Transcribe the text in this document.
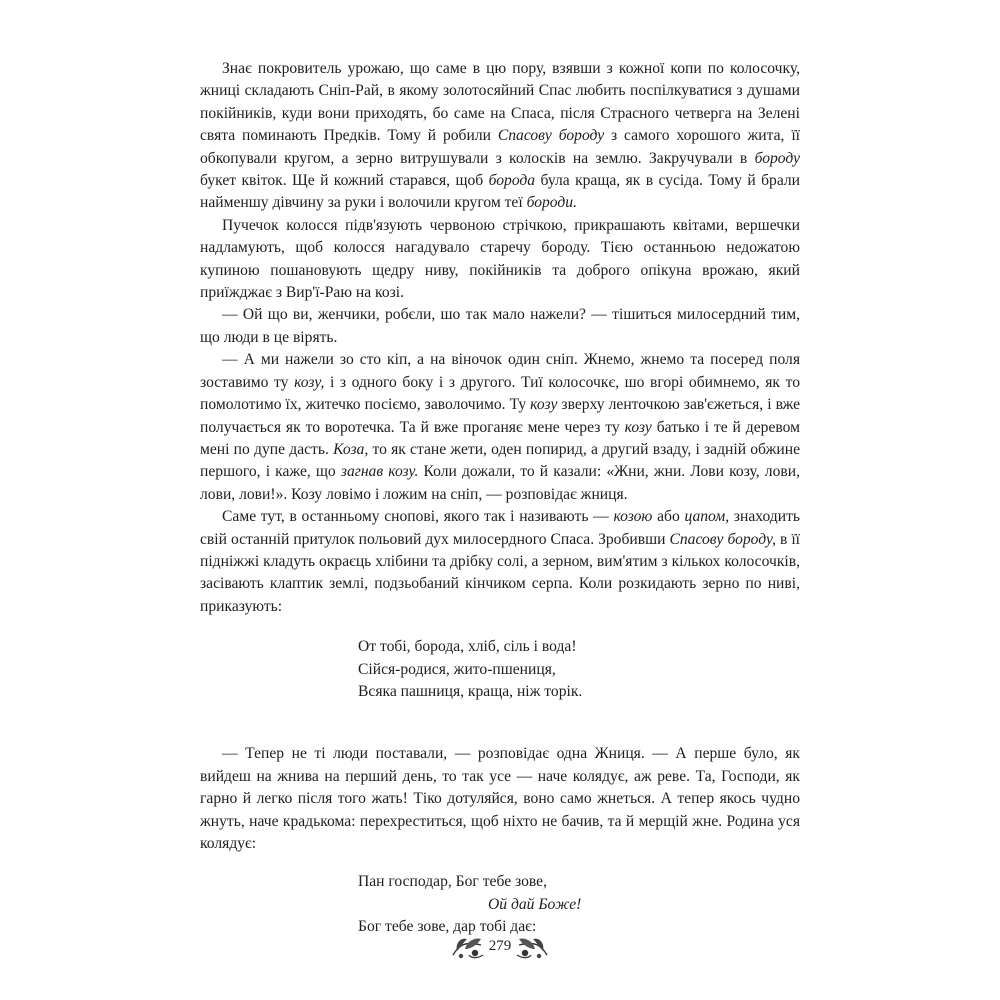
Знає покровитель урожаю, що саме в цю пору, взявши з кожної копи по колосочку, жниці складають Сніп-Рай, в якому золотосяйний Спас любить поспілкуватися з душами покійників, куди вони приходять, бо саме на Спаса, після Страсного четверга на Зелені свята поминають Предків. Тому й робили Спасову бороду з самого хорошого жита, її обкопували кругом, а зерно витрушували з колосків на землю. Закручували в бороду букет квіток. Ще й кожний старався, щоб борода була краща, як в сусіда. Тому й брали найменшу дівчину за руки і волочили кругом теї бороди.

Пучечок колосся підв'язують червоною стрічкою, прикрашають квітами, вершечки надламують, щоб колосся нагадувало старечу бороду. Тією останньою недожатою купиною пошановують щедру ниву, покійників та доброго опікуна врожаю, який приїжджає з Вир'ї-Раю на козі.

— Ой що ви, женчики, робєли, шо так мало нажели? — тішиться милосердний тим, що люди в це вірять.

— А ми нажели зо сто кіп, а на віночок один сніп. Жнемо, жнемо та посеред поля зоставимо ту козу, і з одного боку і з другого. Тиї колосочкє, шо вгорі обимнемо, як то помолотимо їх, житечко посіємо, заволочимо. Ту козу зверху ленточкою зав'єжеться, і вже получається як то воротечка. Та й вже проганяє мене через ту козу батько і те й деревом мені по дупе дасть. Коза, то як стане жети, оден попирид, а другий взаду, і задній обжине першого, і каже, що загнав козу. Коли дожали, то й казали: «Жни, жни. Лови козу, лови, лови, лови!». Козу ловімо і ложим на сніп, — розповідає жниця.

Саме тут, в останньому снопові, якого так і називають — козою або цапом, знаходить свій останній притулок польовий дух милосердного Спаса. Зробивши Спасову бороду, в її підніжжі кладуть окраєць хлібини та дрібку солі, а зерном, вим'ятим з кількох колосочків, засівають клаптик землі, подзьобаний кінчиком серпа. Коли розкидають зерно по ниві, приказують:

От тобі, борода, хліб, сіль і вода!
Сійся-родися, жито-пшениця,
Всяка пашниця, краща, ніж торік.

— Тепер не ті люди поставали, — розповідає одна Жниця. — А перше було, як вийдеш на жнива на перший день, то так усе — наче колядує, аж реве. Та, Господи, як гарно й легко після того жать! Тіко дотуляйся, воно само жнеться. А тепер якось чудно жнуть, наче крадькома: перехреститься, щоб ніхто не бачив, та й мерщій жне. Родина уся колядує:

Пан господар, Бог тебе зове,
Ой дай Боже!
Бог тебе зове, дар тобі дає:
279
